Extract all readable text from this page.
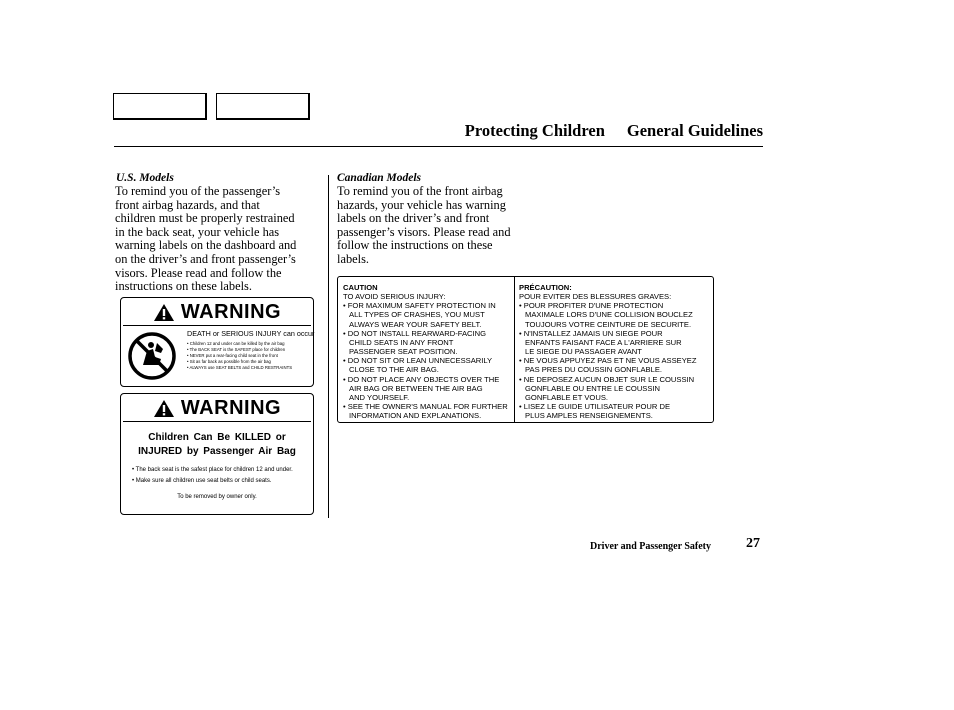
Protecting Children General Guidelines
U.S. Models
To remind you of the passenger’s
front airbag hazards, and that
children must be properly restrained
in the back seat, your vehicle has
warning labels on the dashboard and
on the driver’s and front passenger’s
visors. Please read and follow the
instructions on these labels.
WARNING
DEATH or SERIOUS INJURY can occur
• Children 12 and under can be killed by the air bag
• The BACK SEAT is the SAFEST place for children
• NEVER put a rear-facing child seat in the front
• Sit as far back as possible from the air bag
• ALWAYS use SEAT BELTS and CHILD RESTRAINTS
WARNING
Children Can Be KILLED or
INJURED by Passenger Air Bag
• The back seat is the safest place for children 12 and under.
• Make sure all children use seat belts or child seats.
To be removed by owner only.
Canadian Models
To remind you of the front airbag
hazards, your vehicle has warning
labels on the driver’s and front
passenger’s visors. Please read and
follow the instructions on these
labels.
CAUTION
TO AVOID SERIOUS INJURY:
• FOR MAXIMUM SAFETY PROTECTION IN
ALL TYPES OF CRASHES, YOU MUST
ALWAYS WEAR YOUR SAFETY BELT.
• DO NOT INSTALL REARWARD-FACING
CHILD SEATS IN ANY FRONT
PASSENGER SEAT POSITION.
• DO NOT SIT OR LEAN UNNECESSARILY
CLOSE TO THE AIR BAG.
• DO NOT PLACE ANY OBJECTS OVER THE
AIR BAG OR BETWEEN THE AIR BAG
AND YOURSELF.
• SEE THE OWNER'S MANUAL FOR FURTHER
INFORMATION AND EXPLANATIONS.
PRÉCAUTION:
POUR EVITER DES BLESSURES GRAVES:
• POUR PROFITER D'UNE PROTECTION
MAXIMALE LORS D'UNE COLLISION BOUCLEZ
TOUJOURS VOTRE CEINTURE DE SECURITE.
• N'INSTALLEZ JAMAIS UN SIEGE POUR
ENFANTS FAISANT FACE A L'ARRIERE SUR
LE SIEGE DU PASSAGER AVANT
• NE VOUS APPUYEZ PAS ET NE VOUS ASSEYEZ
PAS PRES DU COUSSIN GONFLABLE.
• NE DEPOSEZ AUCUN OBJET SUR LE COUSSIN
GONFLABLE OU ENTRE LE COUSSIN
GONFLABLE ET VOUS.
• LISEZ LE GUIDE UTILISATEUR POUR DE
PLUS AMPLES RENSEIGNEMENTS.
Driver and Passenger Safety 27
